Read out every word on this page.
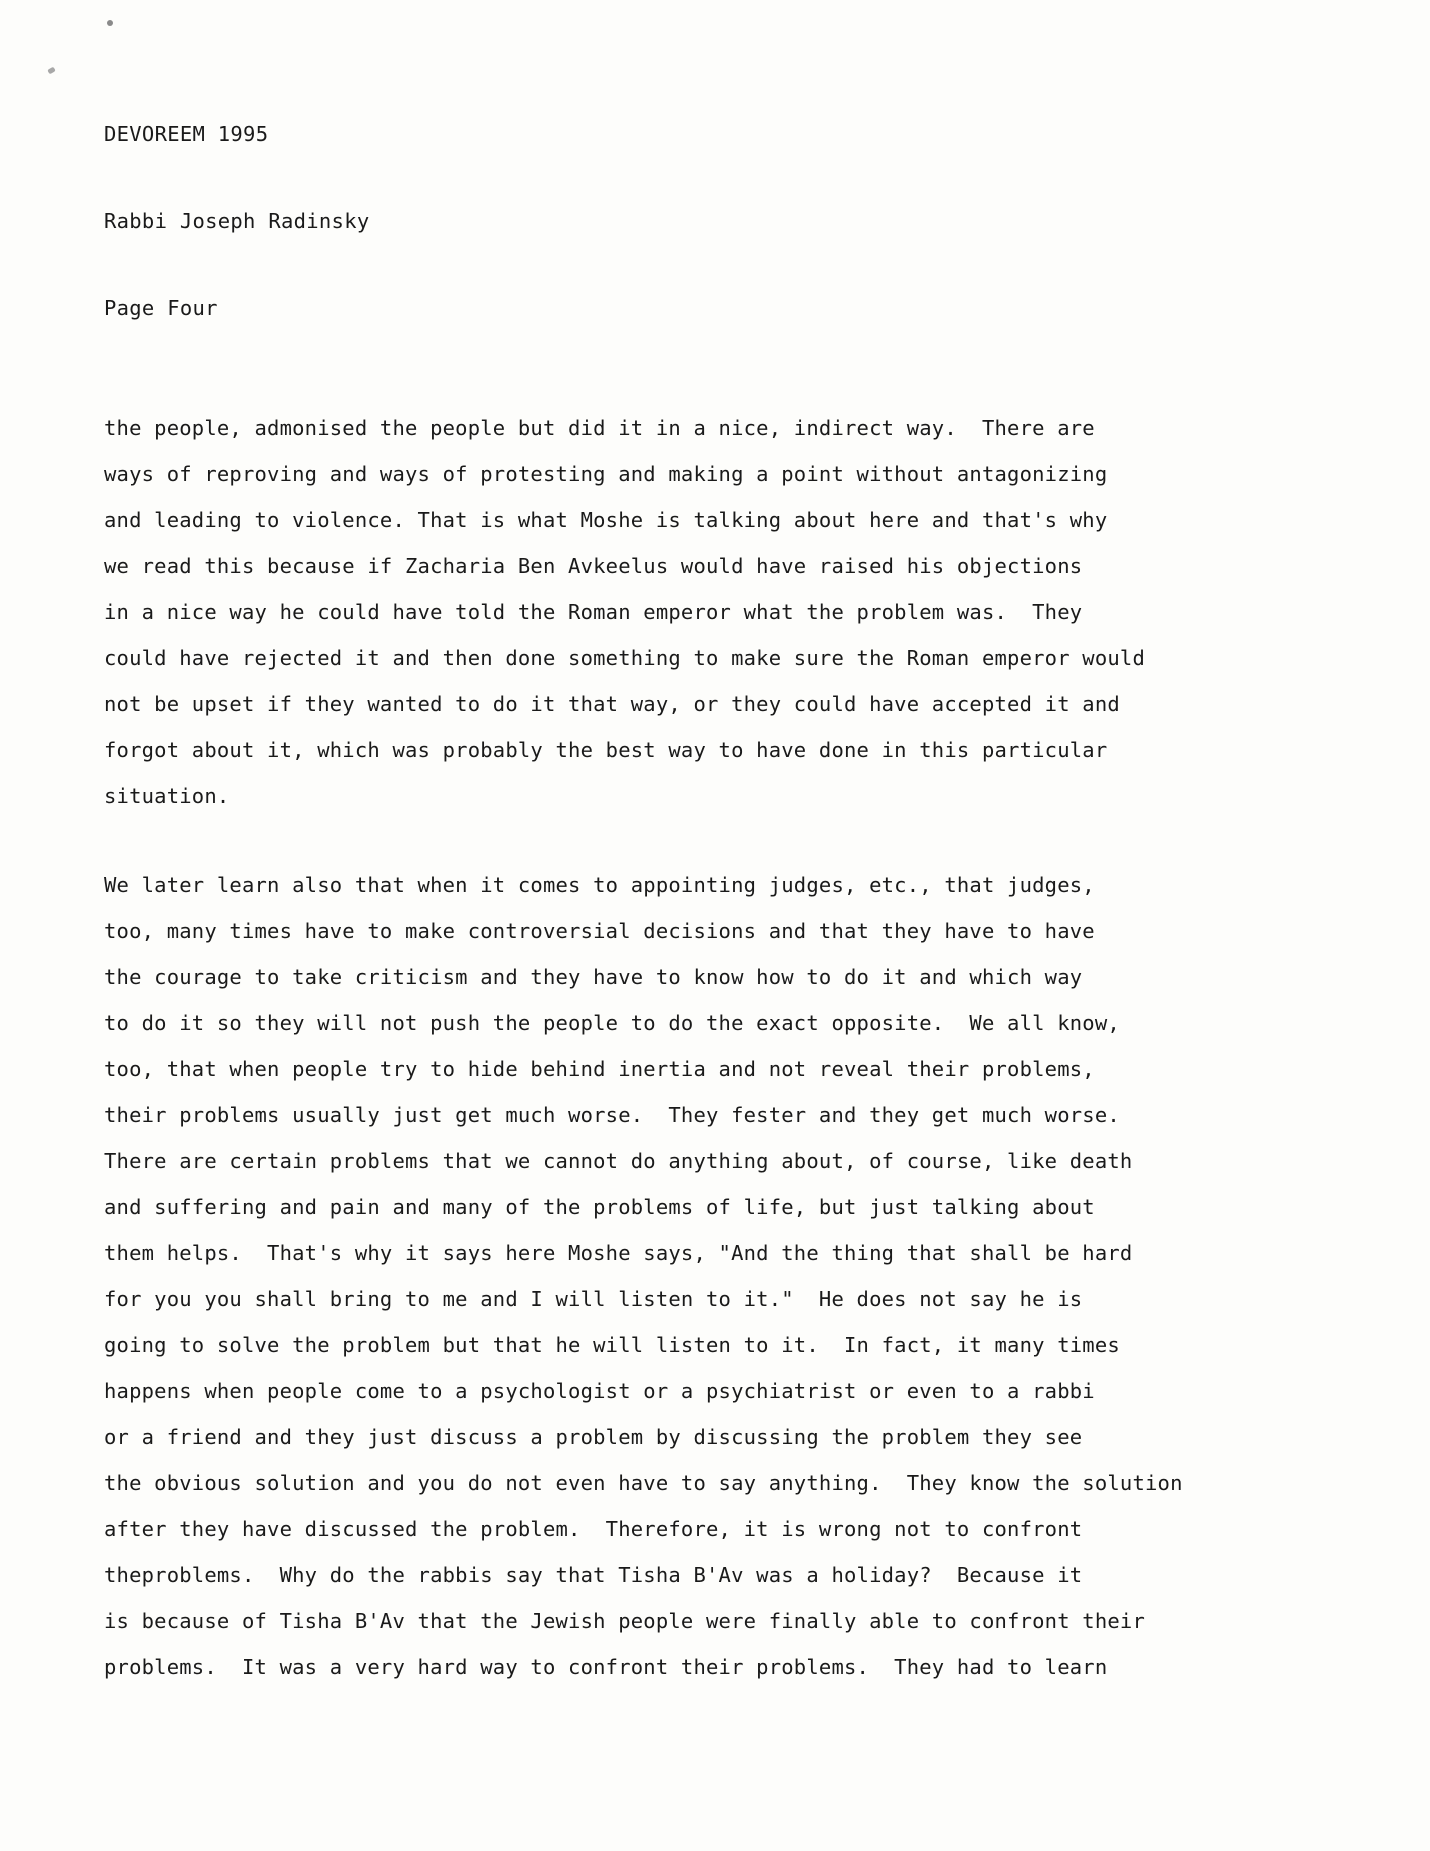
DEVOREEM 1995

Rabbi Joseph Radinsky

Page Four

the people, admonised the people but did it in a nice, indirect way.  There are
ways of reproving and ways of protesting and making a point without antagonizing
and leading to violence. That is what Moshe is talking about here and that's why
we read this because if Zacharia Ben Avkeelus would have raised his objections
in a nice way he could have told the Roman emperor what the problem was.  They
could have rejected it and then done something to make sure the Roman emperor would
not be upset if they wanted to do it that way, or they could have accepted it and
forgot about it, which was probably the best way to have done in this particular
situation.
We later learn also that when it comes to appointing judges, etc., that judges,
too, many times have to make controversial decisions and that they have to have
the courage to take criticism and they have to know how to do it and which way
to do it so they will not push the people to do the exact opposite.  We all know,
too, that when people try to hide behind inertia and not reveal their problems,
their problems usually just get much worse.  They fester and they get much worse.
There are certain problems that we cannot do anything about, of course, like death
and suffering and pain and many of the problems of life, but just talking about
them helps.  That's why it says here Moshe says, "And the thing that shall be hard
for you you shall bring to me and I will listen to it."  He does not say he is
going to solve the problem but that he will listen to it.  In fact, it many times
happens when people come to a psychologist or a psychiatrist or even to a rabbi
or a friend and they just discuss a problem by discussing the problem they see
the obvious solution and you do not even have to say anything.  They know the solution
after they have discussed the problem.  Therefore, it is wrong not to confront
theproblems.  Why do the rabbis say that Tisha B'Av was a holiday?  Because it
is because of Tisha B'Av that the Jewish people were finally able to confront their
problems.  It was a very hard way to confront their problems.  They had to learn
